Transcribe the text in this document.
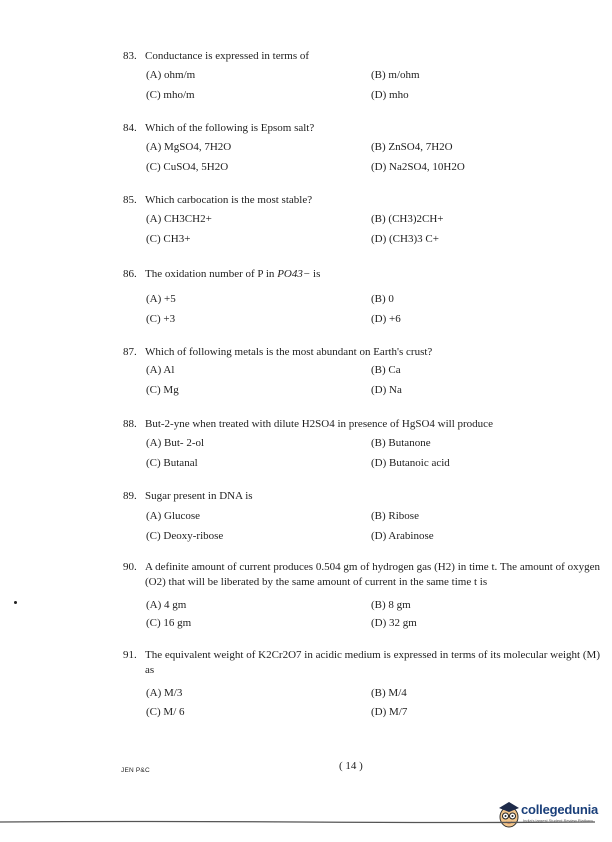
83. Conductance is expressed in terms of
(A) ohm/m	(B) m/ohm
(C) mho/m	(D) mho
84. Which of the following is Epsom salt?
(A) MgSO4, 7H2O	(B) ZnSO4, 7H2O
(C) CuSO4, 5H2O	(D) Na2SO4, 10H2O
85. Which carbocation is the most stable?
(A) CH3CH2+	(B) (CH3)2CH+
(C) CH3+	(D) (CH3)3 C+
86. The oxidation number of P in PO43− is
(A) +5	(B) 0
(C) +3	(D) +6
87. Which of following metals is the most abundant on Earth's crust?
(A) Al	(B) Ca
(C) Mg	(D) Na
88. But-2-yne when treated with dilute H2SO4 in presence of HgSO4 will produce
(A) But- 2-ol	(B) Butanone
(C) Butanal	(D) Butanoic acid
89. Sugar present in DNA is
(A) Glucose	(B) Ribose
(C) Deoxy-ribose	(D) Arabinose
90. A definite amount of current produces 0.504 gm of hydrogen gas (H2) in time t. The amount of oxygen (O2) that will be liberated by the same amount of current in the same time t is
(A) 4 gm	(B) 8 gm
(C) 16 gm	(D) 32 gm
91. The equivalent weight of K2Cr2O7 in acidic medium is expressed in terms of its molecular weight (M) as
(A) M/3	(B) M/4
(C) M/ 6	(D) M/7
JEN P&C	( 14 )
collegedunia
India's largest Student Review Platform
